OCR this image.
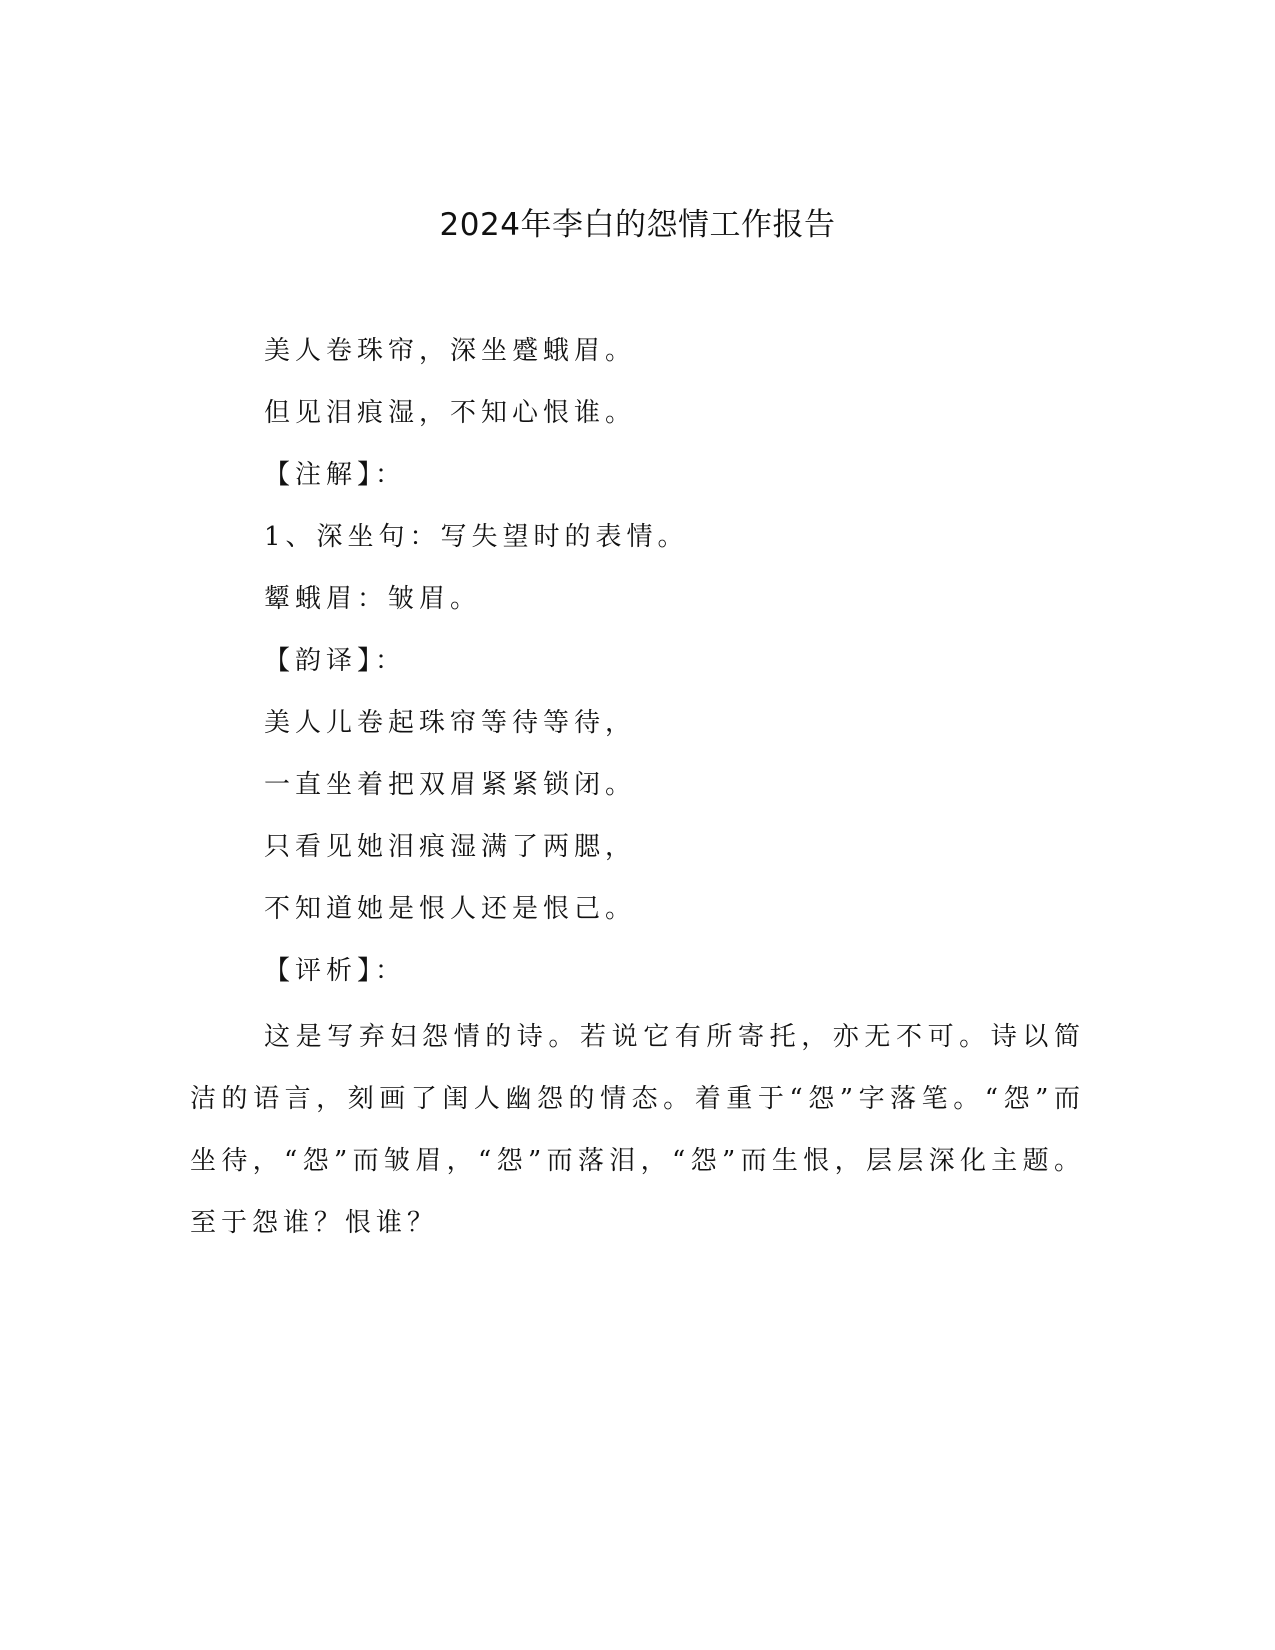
2024年李白的怨情工作报告
美人卷珠帘，深坐蹙蛾眉。
但见泪痕湿，不知心恨谁。
【注解】：
1、深坐句：写失望时的表情。
颦蛾眉：皱眉。
【韵译】：
美人儿卷起珠帘等待等待，
一直坐着把双眉紧紧锁闭。
只看见她泪痕湿满了两腮，
不知道她是恨人还是恨己。
【评析】：
这是写弃妇怨情的诗。若说它有所寄托，亦无不可。诗以简洁的语言，刻画了闺人幽怨的情态。着重于“怨”字落笔。“怨”而坐待，“怨”而皱眉，“怨”而落泪，“怨”而生恨，层层深化主题。至于怨谁？恨谁？
